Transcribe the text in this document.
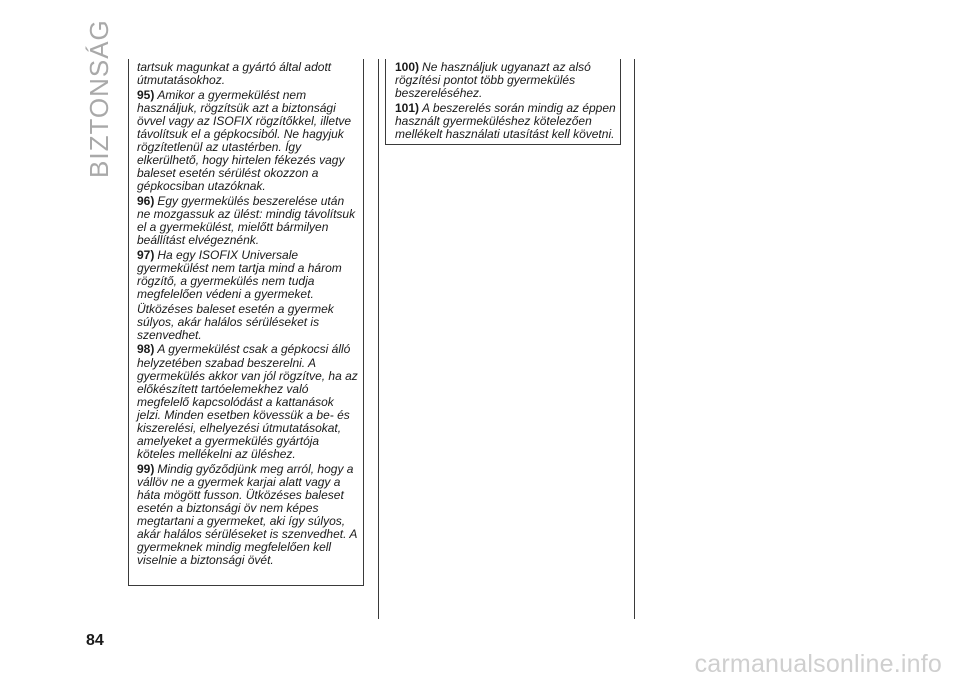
BIZTONSÁG tartsuk magunkat a gyártó által adott útmutatásokhoz.

95) Amikor a gyermekülést nem használjuk, rögzítsük azt a biztonsági övvel vagy az ISOFIX rögzítőkkel, illetve távolítsuk el a gépkocsiból. Ne hagyjuk rögzítetlenül az utastérben. Így elkerülhető, hogy hirtelen fékezés vagy baleset esetén sérülést okozzon a gépkocsiban utazóknak.

96) Egy gyermekülés beszerelése után ne mozgassuk az ülést: mindig távolítsuk el a gyermekülést, mielőtt bármilyen beállítást elvégeznénk.

97) Ha egy ISOFIX Universale gyermekülést nem tartja mind a három rögzítő, a gyermekülés nem tudja megfelelően védeni a gyermeket.

Ütközéses baleset esetén a gyermek súlyos, akár halálos sérüléseket is szenvedhet.

98) A gyermekülést csak a gépkocsi álló helyzetében szabad beszerelni. A gyermekülés akkor van jól rögzítve, ha az előkészített tartóelemekhez való megfelelő kapcsolódást a kattanások jelzi. Minden esetben kövessük a be- és kiszerelési, elhelyezési útmutatásokat, amelyeket a gyermekülés gyártója köteles mellékelni az üléshez.

99) Mindig győződjünk meg arról, hogy a vállöv ne a gyermek karjai alatt vagy a háta mögött fusson. Ütközéses baleset esetén a biztonsági öv nem képes megtartani a gyermeket, aki így súlyos, akár halálos sérüléseket is szenvedhet. A gyermeknek mindig megfelelően kell viselnie a biztonsági övét.

100) Ne használjuk ugyanazt az alsó rögzítési pontot több gyermekülés beszereléséhez.

101) A beszerelés során mindig az éppen használt gyermeküléshez kötelezően mellékelt használati utasítást kell követni.

84
carmanualsonline.info
